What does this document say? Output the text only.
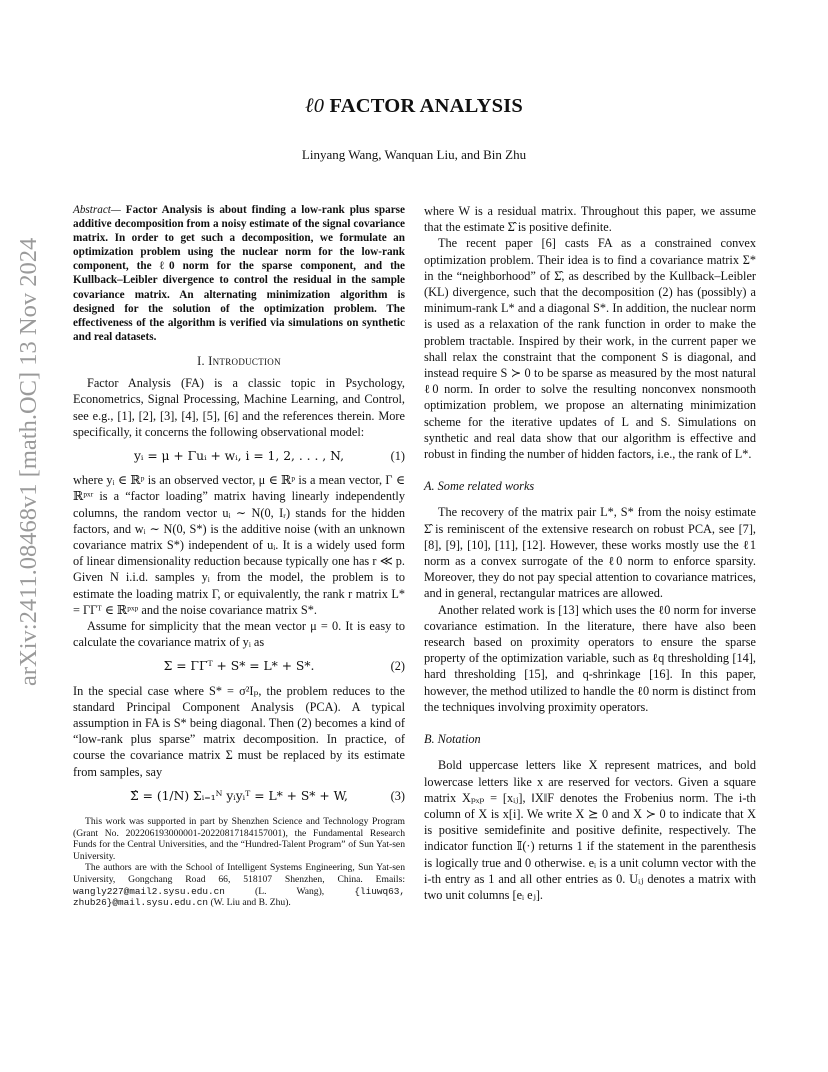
arXiv:2411.08468v1 [math.OC] 13 Nov 2024
ℓ0 FACTOR ANALYSIS
Linyang Wang, Wanquan Liu, and Bin Zhu

Abstract— Factor Analysis is about finding a low-rank plus sparse additive decomposition from a noisy estimate of the signal covariance matrix. In order to get such a decomposition, we formulate an optimization problem using the nuclear norm for the low-rank component, the ℓ0 norm for the sparse component, and the Kullback–Leibler divergence to control the residual in the sample covariance matrix. An alternating minimization algorithm is designed for the solution of the optimization problem. The effectiveness of the algorithm is verified via simulations on synthetic and real datasets.

I. Introduction

Factor Analysis (FA) is a classic topic in Psychology, Econometrics, Signal Processing, Machine Learning, and Control, see e.g., [1], [2], [3], [4], [5], [6] and the references therein. More specifically, it concerns the following observational model:

yᵢ = μ + Γuᵢ + wᵢ, i = 1, 2, . . . , N,	(1)

where yᵢ ∈ ℝᵖ is an observed vector, μ ∈ ℝᵖ is a mean vector, Γ ∈ ℝᵖˣʳ is a “factor loading” matrix having linearly independently columns, the random vector uᵢ ∼ N(0, Iᵣ) stands for the hidden factors, and wᵢ ∼ N(0, S*) is the additive noise (with an unknown covariance matrix S*) independent of uᵢ. It is a widely used form of linear dimensionality reduction because typically one has r ≪ p. Given N i.i.d. samples yᵢ from the model, the problem is to estimate the loading matrix Γ, or equivalently, the rank r matrix L* = ΓΓᵀ ∈ ℝᵖˣᵖ and the noise covariance matrix S*.

Assume for simplicity that the mean vector μ = 0. It is easy to calculate the covariance matrix of yᵢ as

Σ = ΓΓᵀ + S* = L* + S*.	(2)

In the special case where S* = σ²Iₚ, the problem reduces to the standard Principal Component Analysis (PCA). A typical assumption in FA is S* being diagonal. Then (2) becomes a kind of “low-rank plus sparse” matrix decomposition. In practice, of course the covariance matrix Σ must be replaced by its estimate from samples, say

Σ̂ = (1/N) Σᵢ₌₁ᴺ yᵢyᵢᵀ = L* + S* + W,	(3)

This work was supported in part by Shenzhen Science and Technology Program (Grant No. 202206193000001-20220817184157001), the Fundamental Research Funds for the Central Universities, and the “Hundred-Talent Program” of Sun Yat-sen University.

The authors are with the School of Intelligent Systems Engineering, Sun Yat-sen University, Gongchang Road 66, 518107 Shenzhen, China. Emails: wangly227@mail2.sysu.edu.cn	(L. Wang),	{liuwq63, zhub26}@mail.sysu.edu.cn (W. Liu and B. Zhu).

where W is a residual matrix. Throughout this paper, we assume that the estimate Σ̂ is positive definite.

The recent paper [6] casts FA as a constrained convex optimization problem. Their idea is to find a covariance matrix Σ* in the “neighborhood” of Σ̂, as described by the Kullback–Leibler (KL) divergence, such that the decomposition (2) has (possibly) a minimum-rank L* and a diagonal S*. In addition, the nuclear norm is used as a relaxation of the rank function in order to make the problem tractable. Inspired by their work, in the current paper we shall relax the constraint that the component S is diagonal, and instead require S ≻ 0 to be sparse as measured by the most natural ℓ0 norm. In order to solve the resulting nonconvex nonsmooth optimization problem, we propose an alternating minimization scheme for the iterative updates of L and S. Simulations on synthetic and real data show that our algorithm is effective and robust in finding the number of hidden factors, i.e., the rank of L*.

A. Some related works

The recovery of the matrix pair L*, S* from the noisy estimate Σ̂ is reminiscent of the extensive research on robust PCA, see [7], [8], [9], [10], [11], [12]. However, these works mostly use the ℓ1 norm as a convex surrogate of the ℓ0 norm to enforce sparsity. Moreover, they do not pay special attention to covariance matrices, and in general, rectangular matrices are allowed.

Another related work is [13] which uses the ℓ0 norm for inverse covariance estimation. In the literature, there have also been research based on proximity operators to ensure the sparse property of the optimization variable, such as ℓq thresholding [14], hard thresholding [15], and q-shrinkage [16]. In this paper, however, the method utilized to handle the ℓ0 norm is distinct from the techniques involving proximity operators.

B. Notation

Bold uppercase letters like X represent matrices, and bold lowercase letters like x are reserved for vectors. Given a square matrix Xₚₓₚ = [xᵢⱼ], ‖X‖F denotes the Frobenius norm. The i-th column of X is x[i]. We write X ⪰ 0 and X ≻ 0 to indicate that X is positive semidefinite and positive definite, respectively. The indicator function 𝕀(·) returns 1 if the statement in the parenthesis is logically true and 0 otherwise. eᵢ is a unit column vector with the i-th entry as 1 and all other entries as 0. Uᵢⱼ denotes a matrix with two unit columns [eᵢ eⱼ].
